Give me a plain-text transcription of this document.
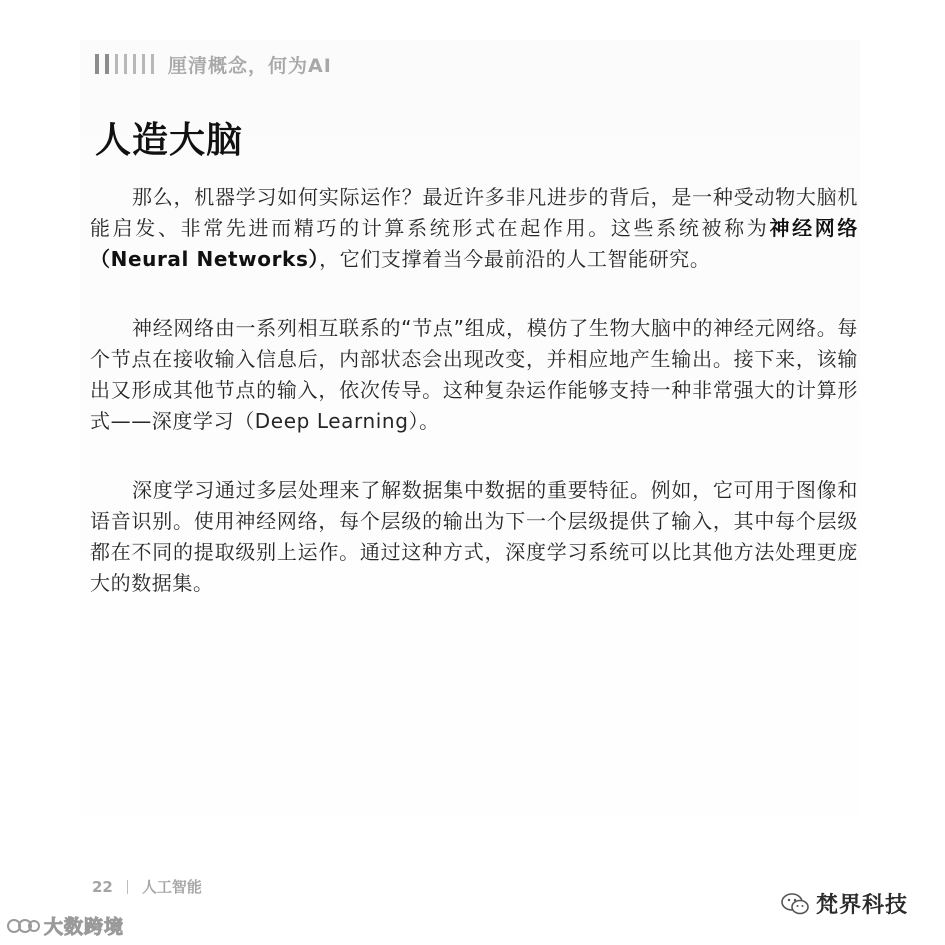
厘清概念，何为AI
人造大脑

那么，机器学习如何实际运作？最近许多非凡进步的背后，是一种受动物大脑机能启发、非常先进而精巧的计算系统形式在起作用。这些系统被称为神经网络（Neural Networks），它们支撑着当今最前沿的人工智能研究。

神经网络由一系列相互联系的“节点”组成，模仿了生物大脑中的神经元网络。每个节点在接收输入信息后，内部状态会出现改变，并相应地产生输出。接下来，该输出又形成其他节点的输入，依次传导。这种复杂运作能够支持一种非常强大的计算形式——深度学习（Deep Learning）。

深度学习通过多层处理来了解数据集中数据的重要特征。例如，它可用于图像和语音识别。使用神经网络，每个层级的输出为下一个层级提供了输入，其中每个层级都在不同的提取级别上运作。通过这种方式，深度学习系统可以比其他方法处理更庞大的数据集。

22 人工智能
大数跨境
梵界科技
